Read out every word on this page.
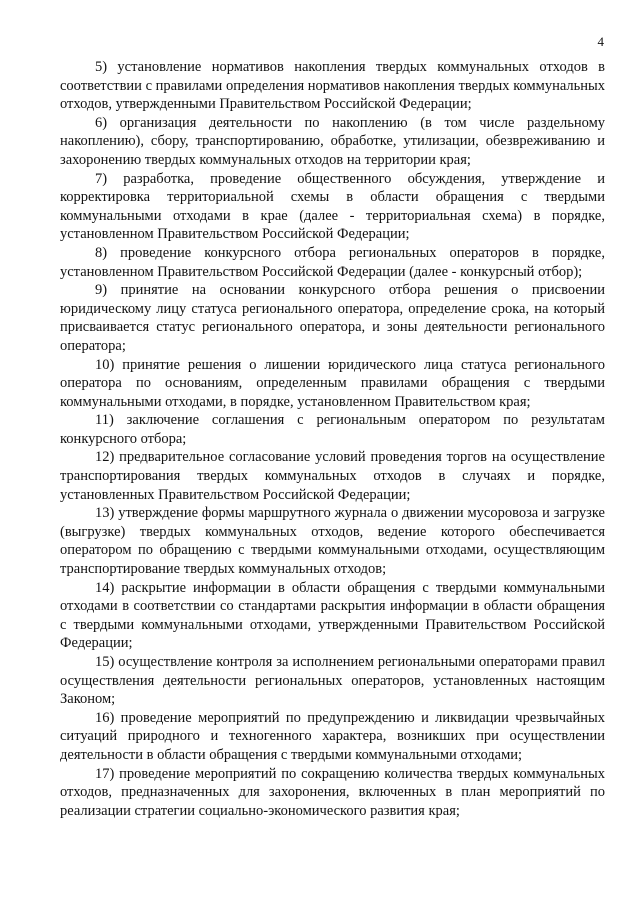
4

5) установление нормативов накопления твердых коммунальных отходов в соответствии с правилами определения нормативов накопления твердых коммунальных отходов, утвержденными Правительством Российской Федерации;

6) организация деятельности по накоплению (в том числе раздельному накоплению), сбору, транспортированию, обработке, утилизации, обезвреживанию и захоронению твердых коммунальных отходов на территории края;

7) разработка, проведение общественного обсуждения, утверждение и корректировка территориальной схемы в области обращения с твердыми коммунальными отходами в крае (далее - территориальная схема) в порядке, установленном Правительством Российской Федерации;

8) проведение конкурсного отбора региональных операторов в порядке, установленном Правительством Российской Федерации (далее - конкурсный отбор);

9) принятие на основании конкурсного отбора решения о присвоении юридическому лицу статуса регионального оператора, определение срока, на который присваивается статус регионального оператора, и зоны деятельности регионального оператора;

10) принятие решения о лишении юридического лица статуса регионального оператора по основаниям, определенным правилами обращения с твердыми коммунальными отходами, в порядке, установленном Правительством края;

11) заключение соглашения с региональным оператором по результатам конкурсного отбора;

12) предварительное согласование условий проведения торгов на осуществление транспортирования твердых коммунальных отходов в случаях и порядке, установленных Правительством Российской Федерации;

13) утверждение формы маршрутного журнала о движении мусоровоза и загрузке (выгрузке) твердых коммунальных отходов, ведение которого обеспечивается оператором по обращению с твердыми коммунальными отходами, осуществляющим транспортирование твердых коммунальных отходов;

14) раскрытие информации в области обращения с твердыми коммунальными отходами в соответствии со стандартами раскрытия информации в области обращения с твердыми коммунальными отходами, утвержденными Правительством Российской Федерации;

15) осуществление контроля за исполнением региональными операторами правил осуществления деятельности региональных операторов, установленных настоящим Законом;

16) проведение мероприятий по предупреждению и ликвидации чрезвычайных ситуаций природного и техногенного характера, возникших при осуществлении деятельности в области обращения с твердыми коммунальными отходами;

17) проведение мероприятий по сокращению количества твердых коммунальных отходов, предназначенных для захоронения, включенных в план мероприятий по реализации стратегии социально-экономического развития края;
